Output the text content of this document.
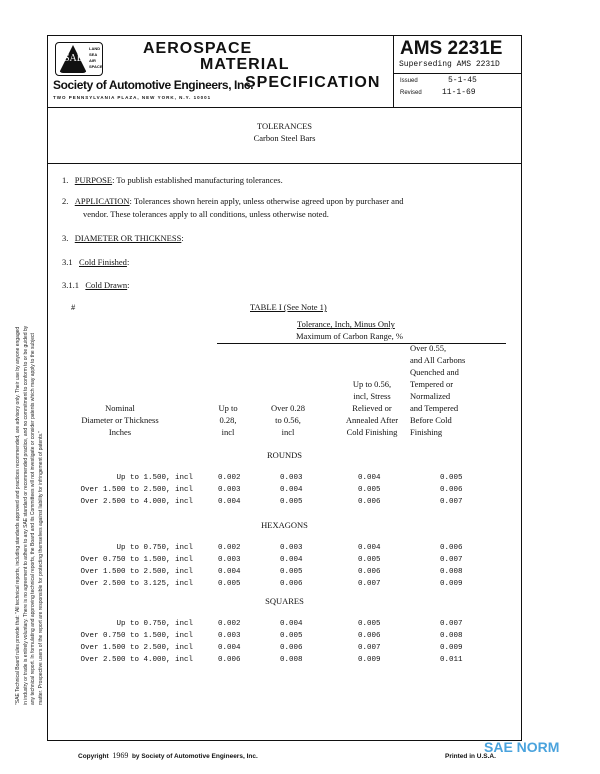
SAE
LAND
SEA
AIR
SPACE
AEROSPACE
MATERIAL
SPECIFICATION
Society of Automotive Engineers, Inc.
TWO PENNSYLVANIA PLAZA, NEW YORK, N.Y. 10001
AMS 2231E
Superseding AMS 2231D
Issued	5-1-45
Revised	11-1-69
TOLERANCES
Carbon Steel Bars
1. PURPOSE: To publish established manufacturing tolerances.
2. APPLICATION: Tolerances shown herein apply, unless otherwise agreed upon by purchaser and
vendor. These tolerances apply to all conditions, unless otherwise noted.
3. DIAMETER OR THICKNESS:
3.1 Cold Finished:
3.1.1 Cold Drawn:
#	TABLE I (See Note 1)
Tolerance, Inch, Minus Only
Maximum of Carbon Range, %
Nominal
Diameter or Thickness
Inches
Up to
0.28,
incl
Over 0.28
to 0.56,
incl
Up to 0.56,
incl, Stress
Relieved or
Annealed After
Cold Finishing
Over 0.55,
and All Carbons
Quenched and
Tempered or
Normalized
and Tempered
Before Cold
Finishing
ROUNDS
Up to 1.500, incl	0.002	0.003	0.004	0.005
Over 1.500 to 2.500, incl	0.003	0.004	0.005	0.006
Over 2.500 to 4.000, incl	0.004	0.005	0.006	0.007
HEXAGONS
Up to 0.750, incl	0.002	0.003	0.004	0.006
Over 0.750 to 1.500, incl	0.003	0.004	0.005	0.007
Over 1.500 to 2.500, incl	0.004	0.005	0.006	0.008
Over 2.500 to 3.125, incl	0.005	0.006	0.007	0.009
SQUARES
Up to 0.750, incl	0.002	0.004	0.005	0.007
Over 0.750 to 1.500, incl	0.003	0.005	0.006	0.008
Over 1.500 to 2.500, incl	0.004	0.006	0.007	0.009
Over 2.500 to 4.000, incl	0.006	0.008	0.009	0.011
"SAE Technical Board rules provide that: "All technical reports, including standards approved and practices recommended, are advisory only. Their use by anyone engaged in industry or trade is entirely voluntary. There is no agreement to adhere to any SAE standard or recommended practice, and no commitment to conform to or be guided by any technical report. In formulating and approving technical reports, the Board and its Committees will not investigate or consider patents which may apply to the subject matter. Prospective users of the report are responsible for protecting themselves against liability for infringement of patents."
Copyright 1969 by Society of Automotive Engineers, Inc.	Printed in U.S.A.
SAE NORM
